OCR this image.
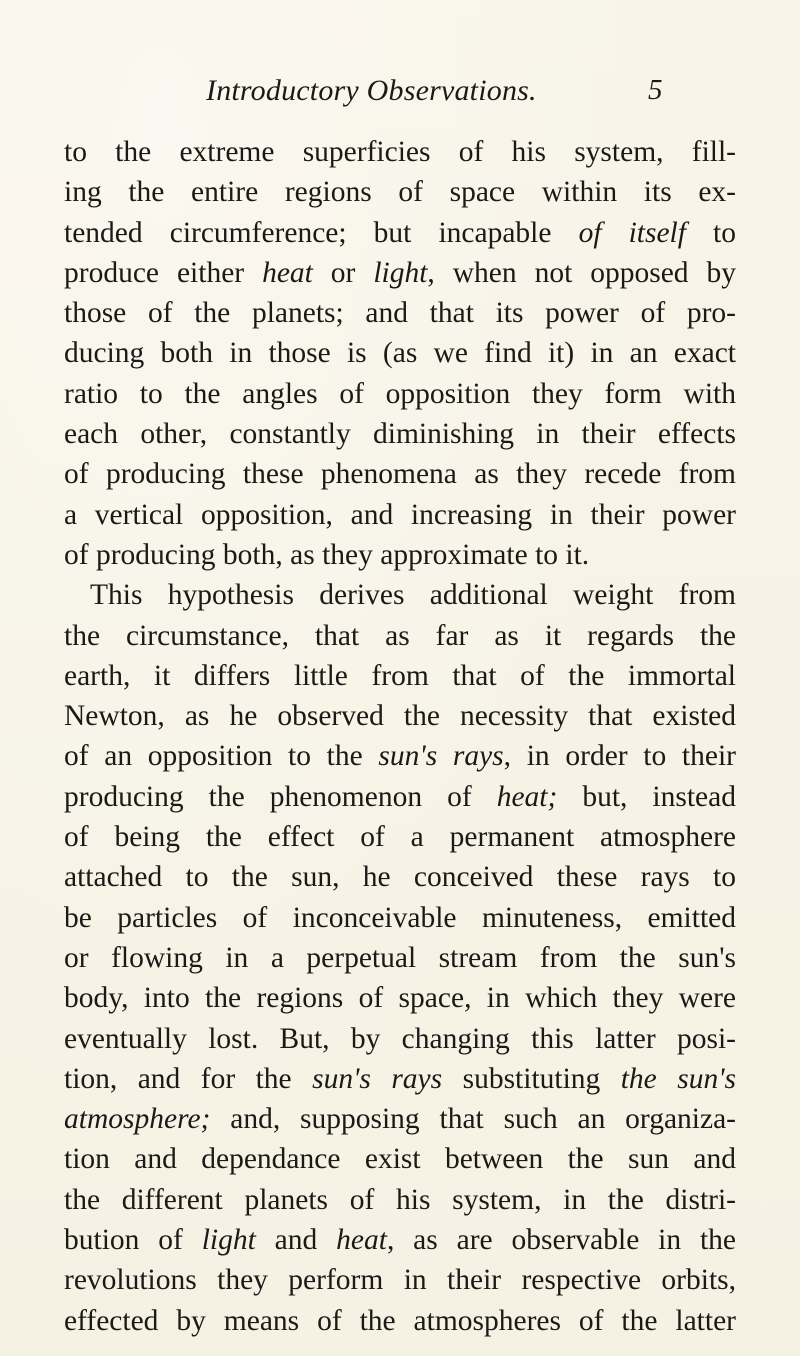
Introductory Observations.	5
to the extreme superficies of his system, fill-
ing the entire regions of space within its ex-
tended circumference; but incapable of itself to
produce either heat or light, when not opposed by
those of the planets; and that its power of pro-
ducing both in those is (as we find it) in an exact
ratio to the angles of opposition they form with
each other, constantly diminishing in their effects
of producing these phenomena as they recede from
a vertical opposition, and increasing in their power
of producing both, as they approximate to it.
This hypothesis derives additional weight from
the circumstance, that as far as it regards the
earth, it differs little from that of the immortal
Newton, as he observed the necessity that existed
of an opposition to the sun's rays, in order to their
producing the phenomenon of heat; but, instead
of being the effect of a permanent atmosphere
attached to the sun, he conceived these rays to
be particles of inconceivable minuteness, emitted
or flowing in a perpetual stream from the sun's
body, into the regions of space, in which they were
eventually lost. But, by changing this latter posi-
tion, and for the sun's rays substituting the sun's
atmosphere; and, supposing that such an organiza-
tion and dependance exist between the sun and
the different planets of his system, in the distri-
bution of light and heat, as are observable in the
revolutions they perform in their respective orbits,
effected by means of the atmospheres of the latter
